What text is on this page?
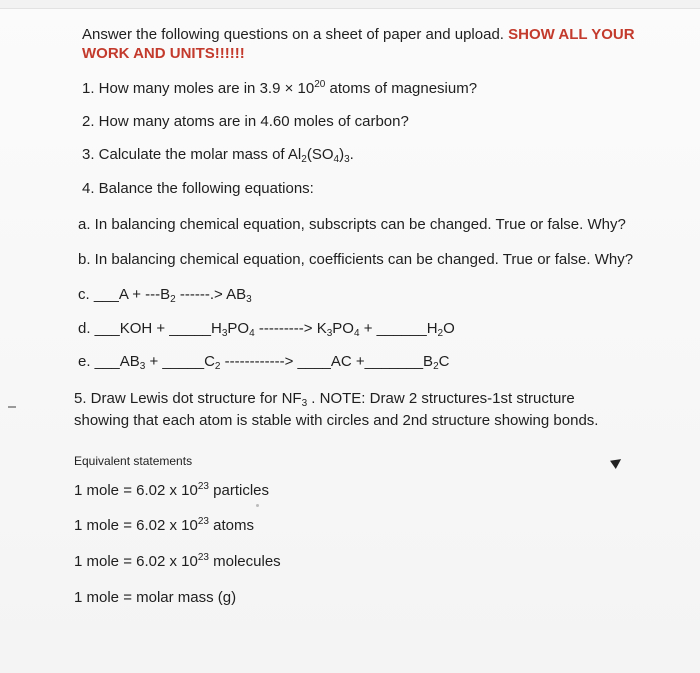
Answer the following questions on a sheet of paper and upload. SHOW ALL YOUR
WORK AND UNITS!!!!!!
1. How many moles are in $3.9 \times 10^{20}$ atoms of magnesium?
2. How many atoms are in 4.60 moles of carbon?
3. Calculate the molar mass of $Al_2(SO_4)_3$.
4. Balance the following equations:
a. In balancing chemical equation, subscripts can be changed. True or false. Why?
b. In balancing chemical equation, coefficients can be changed. True or false. Why?
c. ___A + $---B_2$ ------.> $AB_3$
d. ___KOH + $\_\_\_\_\_H_3PO_4$ ---------> $K_3PO_4$ + $\_\_\_\_\_\_H_2O$
e. $\_\_\_AB_3$ + $\_\_\_\_\_C_2$ ------------> ____AC $+\_\_\_\_\_\_\_B_2C$
5. Draw Lewis dot structure for $NF_3$ . NOTE: Draw 2 structures-1st structure
showing that each atom is stable with circles and 2nd structure showing bonds.
Equivalent statements
1 mole = 6.02 x $10^{23}$ particles
1 mole = 6.02 x $10^{23}$ atoms
1 mole = 6.02 x $10^{23}$ molecules
1 mole = molar mass (g)
